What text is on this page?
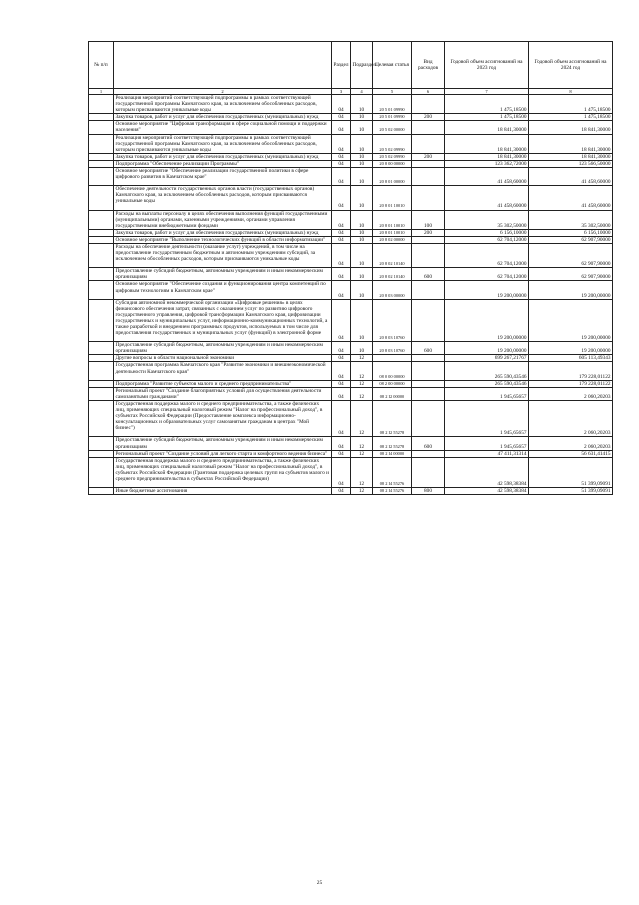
№ п/п		Раздел	Подраздел	Целевая статья	Вид расходов	Годовой объем ассигнований на 2023 год	Годовой объем ассигнований на 2024 год
1	2	3	4	5	6	7	8
	Реализация мероприятий соответствующей подпрограммы в рамках соответствующей государственной программы Камчатского края, за исключением обособленных расходов, которым присваиваются уникальные коды	04	10	20 5 01 09990		1 475,18500	1 475,18500
	Закупка товаров, работ и услуг для обеспечения государственных (муниципальных) нужд	04	10	20 5 01 09990	200	1 475,18500	1 475,18500
	Основное мероприятие "Цифровая трансформация в сфере социальной помощи и поддержки населения"	04	10	20 5 02 00000		18 841,30000	18 841,30000
	Реализация мероприятий соответствующей подпрограммы в рамках соответствующей государственной программы Камчатского края, за исключением обособленных расходов, которым присваиваются уникальные коды	04	10	20 5 02 09990		18 841,30000	18 841,30000
	Закупка товаров, работ и услуг для обеспечения государственных (муниципальных) нужд	04	10	20 5 02 09990	200	18 841,30000	18 841,30000
	Подпрограмма "Обеспечение реализации Программы"	04	10	20 8 00 00000		123 362,72000	123 566,50000
	Основное мероприятие "Обеспечение реализации государственной политики в сфере цифрового развития в Камчатском крае"	04	10	20 8 01 00000		41 458,60000	41 458,60000
	Обеспечение деятельности государственных органов власти (государственных органов) Камчатского края, за исключением обособленных расходов, которым присваиваются уникальные коды	04	10	20 8 01 10010		41 458,60000	41 458,60000
	Расходы на выплаты персоналу в целях обеспечения выполнения функций государственными (муниципальными) органами, казенными учреждениями, органами управления государственными внебюджетными фондами	04	10	20 8 01 10010	100	35 302,50000	35 302,50000
	Закупка товаров, работ и услуг для обеспечения государственных (муниципальных) нужд	04	10	20 8 01 10010	200	6 156,10000	6 156,10000
	Основное мероприятие "Выполнение технологических функций в области информатизации"	04	10	20 8 02 00000		62 704,12000	62 907,90000
	Расходы на обеспечение деятельности (оказание услуг) учреждений, в том числе на предоставление государственным бюджетным и автономным учреждениям субсидий, за исключением обособленных расходов, которым присваиваются уникальные коды	04	10	20 8 02 10140		62 704,12000	62 907,90000
	Предоставление субсидий бюджетным, автономным учреждениям и иным некоммерческим организациям	04	10	20 8 02 10140	600	62 704,12000	62 907,90000
	Основное мероприятие "Обеспечение создания и функционирования центра компетенций по цифровым технологиям в Камчатском крае"	04	10	20 8 03 00000		19 200,00000	19 200,00000
	Субсидия автономной некоммерческой организации «Цифровые решения» в целях финансового обеспечения затрат, связанных с оказанием услуг по развитию цифрового государственного управления, цифровой трансформации Камчатского края, цифровизации государственных и муниципальных услуг, информационно-коммуникационных технологий, а также разработкой и внедрением программных продуктов, используемых в том числе для предоставления государственных и муниципальных услуг (функций) в электронной форме	04	10	20 8 03 10760		19 200,00000	19 200,00000
	Предоставление субсидий бюджетным, автономным учреждениям и иным некоммерческим организациям	04	10	20 8 03 10760	600	19 200,00000	19 200,00000
	Другие вопросы в области национальной экономики	04	12			699 267,21767	605 113,49343
	Государственная программа Камчатского края "Развитие экономики и внешнеэкономической деятельности Камчатского края"	04	12	08 0 00 00000		265 590,43546	179 228,01122
	Подпрограмма "Развитие субъектов малого и среднего предпринимательства"	04	12	08 2 00 00000		265 590,43546	179 228,01122
	Региональный проект "Создание благоприятных условий для осуществления деятельности самозанятыми гражданами"	04	12	08 2 I2 00000		1 945,65657	2 060,20203
	Государственная поддержка малого и среднего предпринимательства, а также физических лиц, применяющих специальный налоговый режим "Налог на профессиональный доход", в субъектах Российской Федерации (Предоставление комплекса информационно-консультационных и образовательных услуг самозанятым гражданам в центрах "Мой бизнес")	04	12	08 2 I2 55278		1 945,65657	2 060,20203
	Предоставление субсидий бюджетным, автономным учреждениям и иным некоммерческим организациям	04	12	08 2 I2 55278	600	1 945,65657	2 060,20203
	Региональный проект "Создание условий для легкого старта и комфортного ведения бизнеса"	04	12	08 2 I4 00000		47 411,31314	56 631,41415
	Государственная поддержка малого и среднего предпринимательства, а также физических лиц, применяющих специальный налоговый режим "Налог на профессиональный доход", в субъектах Российской Федерации (Грантовая поддержка целевых групп на субъектов малого и среднего предпринимательства в субъектах Российской Федерации)	04	12	08 2 I4 55276		42 598,38384	51 399,09091
	Иные бюджетные ассигнования	04	12	08 2 I4 55276	800	42 598,38384	51 399,09091
25
